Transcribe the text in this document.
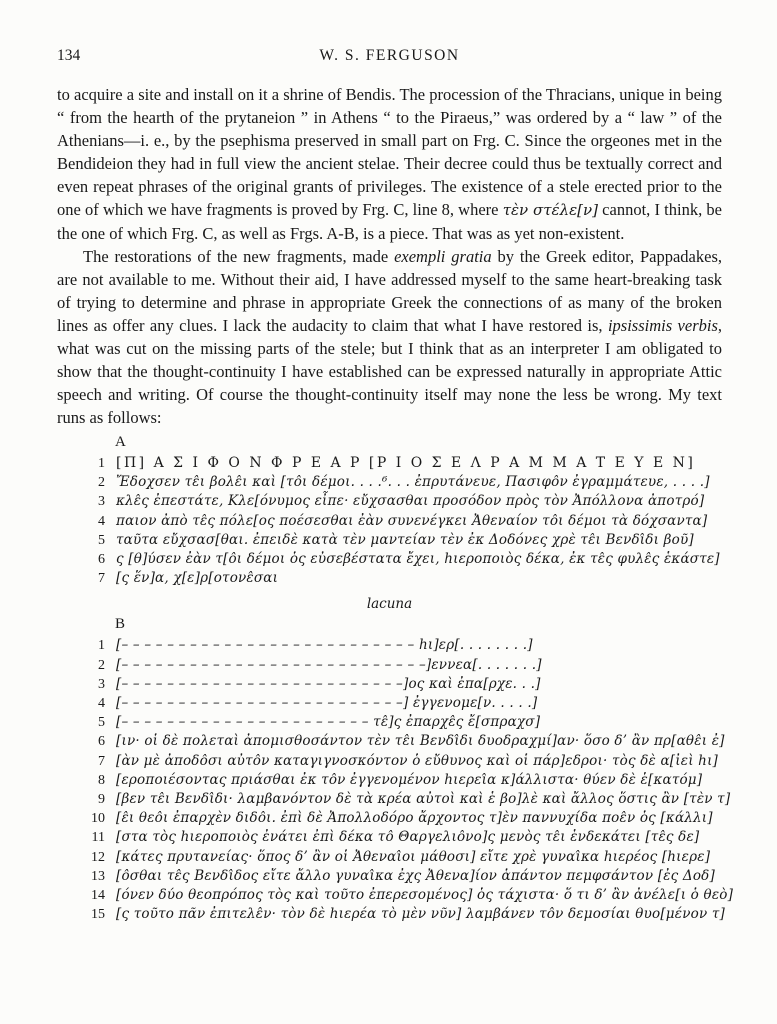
134	W. S. FERGUSON

to acquire a site and install on it a shrine of Bendis. The procession of the Thracians, unique in being “ from the hearth of the prytaneion ” in Athens “ to the Piraeus,” was ordered by a “ law ” of the Athenians—i. e., by the psephisma preserved in small part on Frg. C. Since the orgeones met in the Bendideion they had in full view the ancient stelae. Their decree could thus be textually correct and even repeat phrases of the original grants of privileges. The existence of a stele erected prior to the one of which we have fragments is proved by Frg. C, line 8, where τὲν στέλε[ν] cannot, I think, be the one of which Frg. C, as well as Frgs. A-B, is a piece. That was as yet non-existent.

The restorations of the new fragments, made exempli gratia by the Greek editor, Pappadakes, are not available to me. Without their aid, I have addressed myself to the same heart-breaking task of trying to determine and phrase in appropriate Greek the connections of as many of the broken lines as offer any clues. I lack the audacity to claim that what I have restored is, ipsissimis verbis, what was cut on the missing parts of the stele; but I think that as an interpreter I am obligated to show that the thought-continuity I have established can be expressed naturally in appropriate Attic speech and writing. Of course the thought-continuity itself may none the less be wrong. My text runs as follows:

A
1 [Π] Α Σ Ι Φ Ο Ν Φ Ρ Ε Α Ρ [Ρ Ι Ο Σ Ε Λ Ρ Α Μ Μ Α Τ Ε Υ Ε Ν]
2 Ἔδοχσεν τε̂ι βολε̂ι καὶ [το̂ι δέμοι. . . .⁶. . . ἐπρυτάνευε, Πασιφο̂ν ἐγραμμάτευε, . . . .]
3 κλε̂ς ἐπεστάτε, Κλε[όνυμος εἶπε· εὔχσασθαι προσόδον πρὸς τὸν Ἀπόλλονα ἀποτρό]
4 παιον ἀπὸ τε̂ς πόλε[ος ποέσεσθαι ἐὰν συνενέγκει Ἀθεναίον το̂ι δέμοι τὰ δόχσαντα]
5 ταῦτα εὔχσασ[θαι. ἐπειδὲ κατὰ τὲν μαντείαν τὲν ἐκ Δοδόνες χρὲ τε̂ι Βενδι̂δι βοῦ]
6 ς [θ]ύσεν ἐὰν τ[ο̂ι δέμοι ὁς εὐσεβέστατα ἔχει, hιεροποιὸς δέκα, ἐκ τε̂ς φυλε̂ς ἑκάστε]
7 [ς ἕν]α, χ[ε]ρ[οτονε̂σαι
lacuna
B
1 [– – – – – – – – – – – – – – – – – – – – – – – – – – hι]ερ[. . . . . . . .]
2 [– – – – – – – – – – – – – – – – – – – – – – – – – – –]εννεα[. . . . . . .]
3 [– – – – – – – – – – – – – – – – – – – – – – – – –]ος καὶ ἐπα[ρχε. . .]
4 [– – – – – – – – – – – – – – – – – – – – – – – – –] ἐγγενομε[ν. . . . .]
5 [– – – – – – – – – – – – – – – – – – – – – – τε̂]ς ἐπαρχε̂ς ἔ[σπραχσ]
6 [ιν· οἱ δὲ πολεταὶ ἀπομισθοσάντον τὲν τε̂ι Βενδι̂δι δυοδραχμί]αν· ὅσο δ’ ἂν πρ[αθε̂ι ἐ]
7 [ὰν μὲ ἀποδο̂σι αὐτο̂ν καταγιγνοσκόντον ὁ εὔθυνος καὶ οἱ πάρ]εδροι· τὸς δὲ α[ἰεὶ hι]
8 [εροποιέσοντας πριάσθαι ἐκ το̂ν ἐγγενομένον hιερει̂α κ]άλλιστα· θύεν δὲ ἑ[κατόμ]
9 [βεν τε̂ι Βενδι̂δι· λαμβανόντον δὲ τὰ κρέα αὐτοὶ καὶ ἑ βο]λὲ καὶ ἄλλος ὅστις ἂν [τὲν τ]
10 [ε̂ι θεο̂ι ἐπαρχὲν διδο̂ι. ἐπὶ δὲ Ἀπολλοδόρο ἄρχοντος τ]ὲν παννυχίδα ποε̂ν ὁς [κάλλι]
11 [στα τὸς hιεροποιὸς ἐνάτει ἐπὶ δέκα το̂ Θαργελιο̂νο]ς μενὸς τε̂ι ἑνδεκάτει [τε̂ς δε]
12 [κάτες πρυτανείας· ὅπος δ’ ἂν οἱ Ἀθεναι̂οι μάθοσι] εἴτε χρὲ γυναι̂κα hιερέος [hιερε]
13 [ο̂σθαι τε̂ς Βενδι̂δος εἴτε ἄλλο γυναι̂κα ἐχς Ἀθενα]ίον ἁπάντον πεμφσάντον [ἐς Δοδ]
14 [όνεν δύο θεοπρόπος τὸς καὶ τοῦτο ἐπερεσομένος] ὁς τάχιστα· ὅ τι δ’ ἂν ἀνέλε[ι ὁ θεὸ]
15 [ς τοῦτο πᾶν ἐπιτελε̂ν· τὸν δὲ hιερέα τὸ μὲν νῦν] λαμβάνεν το̂ν δεμοσίαι θυο[μένον τ]
